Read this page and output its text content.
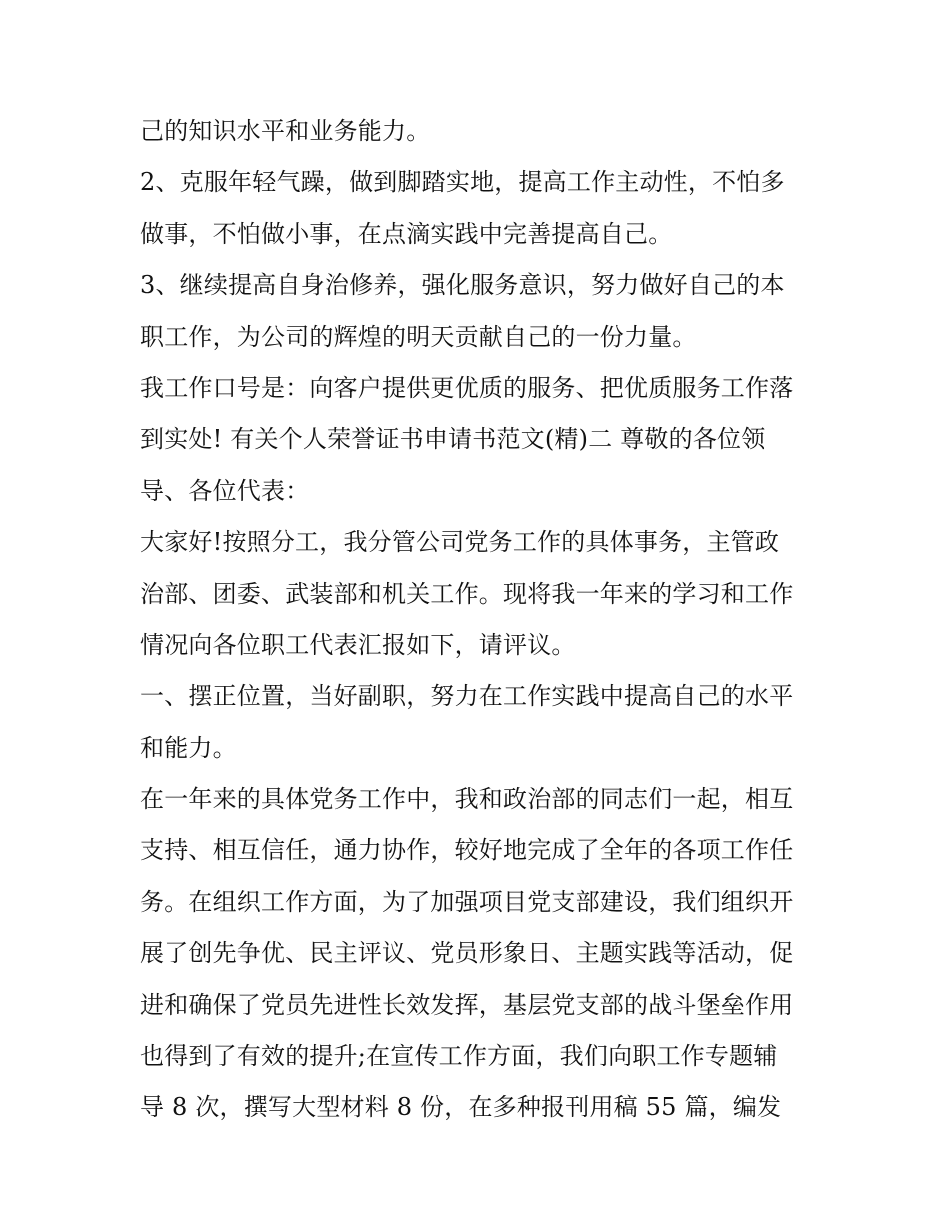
己的知识水平和业务能力。
2、克服年轻气躁，做到脚踏实地，提高工作主动性，不怕多
做事，不怕做小事，在点滴实践中完善提高自己。
3、继续提高自身治修养，强化服务意识，努力做好自己的本
职工作，为公司的辉煌的明天贡献自己的一份力量。
我工作口号是：向客户提供更优质的服务、把优质服务工作落
到实处! 有关个人荣誉证书申请书范文(精)二 尊敬的各位领
导、各位代表：
大家好!按照分工，我分管公司党务工作的具体事务，主管政
治部、团委、武装部和机关工作。现将我一年来的学习和工作
情况向各位职工代表汇报如下，请评议。
一、摆正位置，当好副职，努力在工作实践中提高自己的水平
和能力。
在一年来的具体党务工作中，我和政治部的同志们一起，相互
支持、相互信任，通力协作，较好地完成了全年的各项工作任
务。在组织工作方面，为了加强项目党支部建设，我们组织开
展了创先争优、民主评议、党员形象日、主题实践等活动，促
进和确保了党员先进性长效发挥，基层党支部的战斗堡垒作用
也得到了有效的提升;在宣传工作方面，我们向职工作专题辅
导 8 次，撰写大型材料 8 份，在多种报刊用稿 55 篇，编发
